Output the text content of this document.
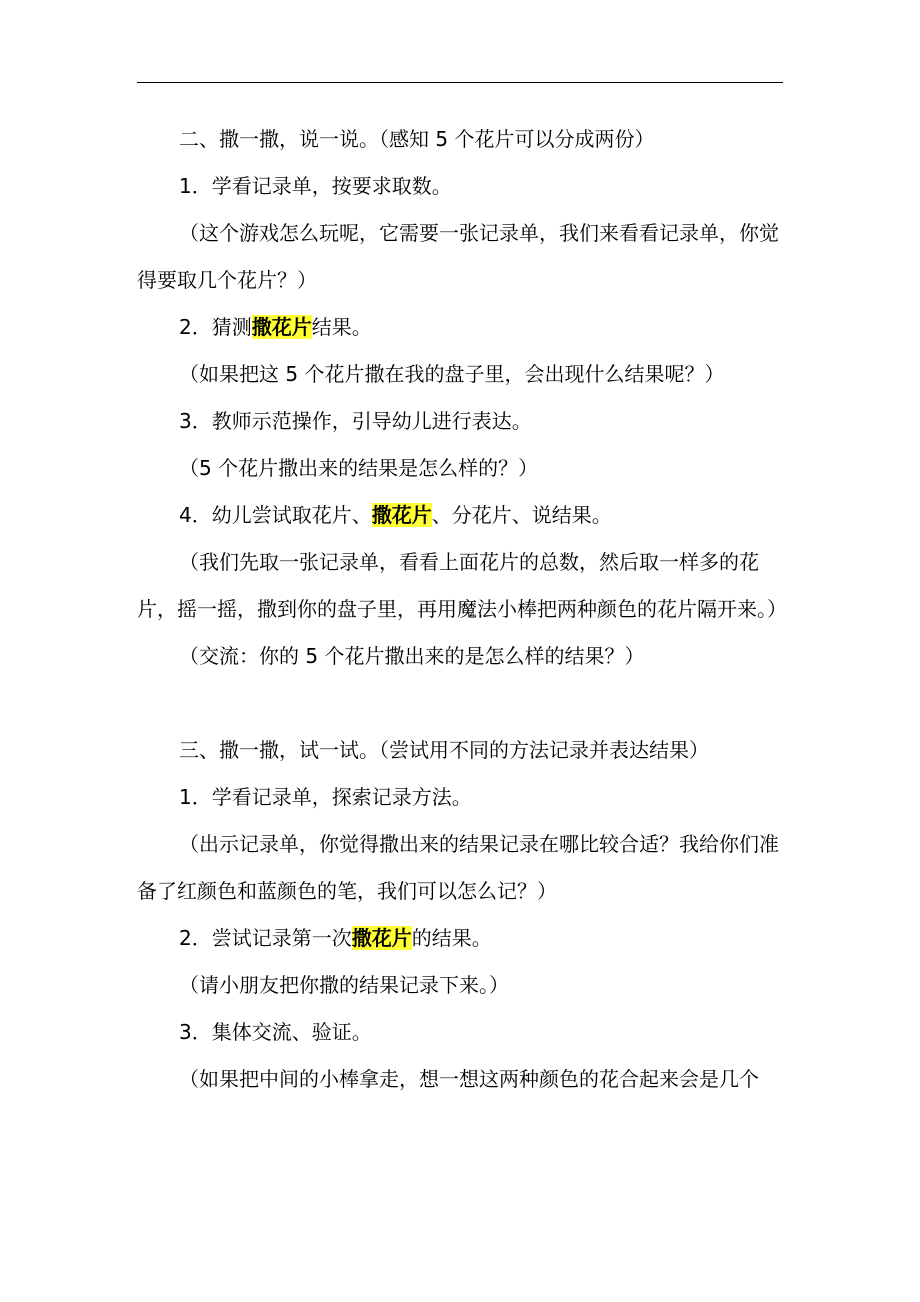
二、撒一撒，说一说。（感知 5 个花片可以分成两份）

1．学看记录单，按要求取数。

（这个游戏怎么玩呢，它需要一张记录单，我们来看看记录单，你觉得要取几个花片？）

2．猜测撒花片结果。

（如果把这 5 个花片撒在我的盘子里，会出现什么结果呢？）

3．教师示范操作，引导幼儿进行表达。

（5 个花片撒出来的结果是怎么样的？）

4．幼儿尝试取花片、撒花片、分花片、说结果。

（我们先取一张记录单，看看上面花片的总数，然后取一样多的花片，摇一摇，撒到你的盘子里，再用魔法小棒把两种颜色的花片隔开来。）

（交流：你的 5 个花片撒出来的是怎么样的结果？）

三、撒一撒，试一试。（尝试用不同的方法记录并表达结果）

1．学看记录单，探索记录方法。

（出示记录单，你觉得撒出来的结果记录在哪比较合适？我给你们准备了红颜色和蓝颜色的笔，我们可以怎么记？）

2．尝试记录第一次撒花片的结果。

（请小朋友把你撒的结果记录下来。）

3．集体交流、验证。

（如果把中间的小棒拿走，想一想这两种颜色的花合起来会是几个
